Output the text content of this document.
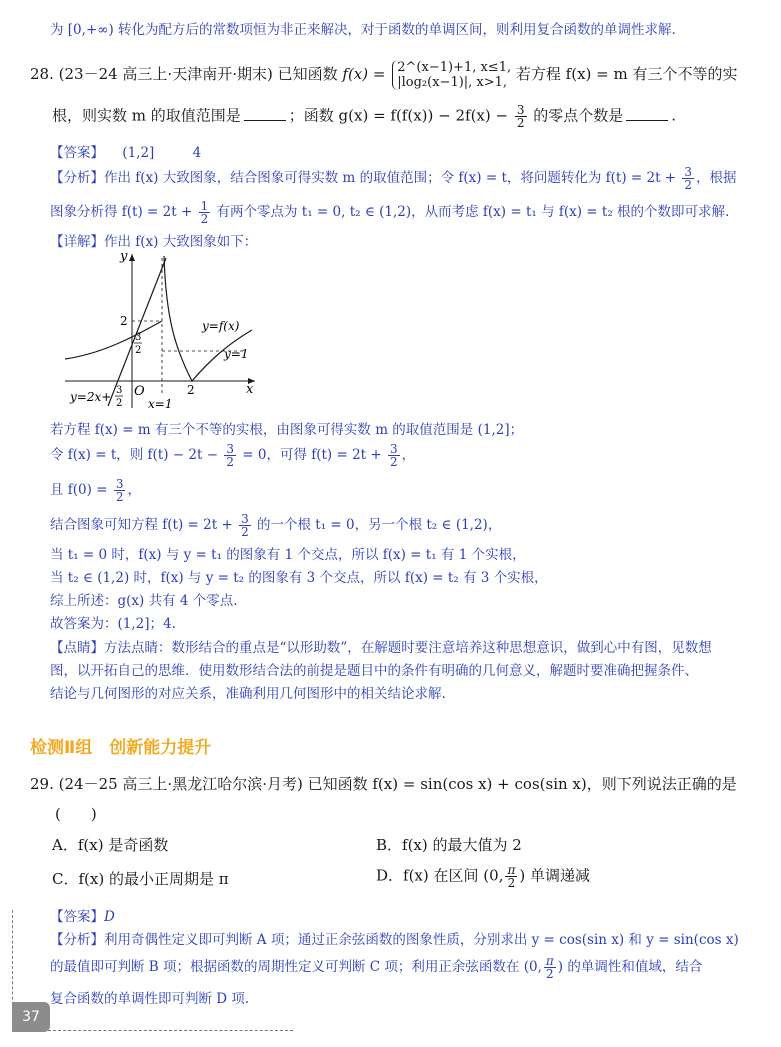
为 [0,+∞) 转化为配方后的常数项恒为非正来解决，对于函数的单调区间，则利用复合函数的单调性求解.
28. (23－24 高三上·天津南开·期末) 已知函数 f(x) = 2^(x−1)+1, x≤1,
|log₂(x−1)|, x>1, 若方程 f(x) = m 有三个不等的实
根，则实数 m 的取值范围是	；函数 $g(x) = f(f(x)) - 2f(x) - \frac{3}{2}$ 的零点个数是	.
【答案】 (1,2]	4
【分析】作出 f(x) 大致图象，结合图象可得实数 m 的取值范围；令 f(x) = t，将问题转化为 $f(t) = 2t + \frac{3}{2}$ ，根据
图象分析得 $f(t) = 2t + \frac{1}{2}$ 有两个零点为 t₁ = 0, t₂ ∈ (1,2)，从而考虑 f(x) = t₁ 与 f(x) = t₂ 根的个数即可求解.
【详解】作出 f(x) 大致图象如下：
y
x
O
2
3
2
y=f(x)
y=1
2
y=2x+ 3
2 x=1
若方程 f(x) = m 有三个不等的实根，由图象可得实数 m 的取值范围是 (1,2]；
令 f(x) = t，则 $f(t) - 2t - \frac{3}{2} = 0$，可得 $f(t) = 2t + \frac{3}{2}$ ，
且 $f(0) = \frac{3}{2}$ ，
结合图象可知方程 $f(t) = 2t + \frac{3}{2}$ 的一个根 t₁ = 0，另一个根 t₂ ∈ (1,2)，
当 t₁ = 0 时，f(x) 与 y = t₁ 的图象有 1 个交点，所以 f(x) = t₁ 有 1 个实根，
当 t₂ ∈ (1,2) 时，f(x) 与 y = t₂ 的图象有 3 个交点，所以 f(x) = t₂ 有 3 个实根，
综上所述：g(x) 共有 4 个零点.
故答案为：(1,2]；4.
【点睛】方法点睛：数形结合的重点是“以形助数”，在解题时要注意培养这种思想意识，做到心中有图，见数想
图，以开拓自己的思维．使用数形结合法的前提是题目中的条件有明确的几何意义，解题时要准确把握条件、
结论与几何图形的对应关系，准确利用几何图形中的相关结论求解.
检测Ⅱ组　创新能力提升
29. (24－25 高三上·黑龙江哈尔滨·月考) 已知函数 f(x) = sin(cos x) + cos(sin x)，则下列说法正确的是
(　　)
A．f(x) 是奇函数	B．f(x) 的最大值为 2
C．f(x) 的最小正周期是 π	D．f(x) 在区间 (0, $\frac{\pi}{2}$ ) 单调递减
【答案】D
【分析】利用奇偶性定义即可判断 A 项；通过正余弦函数的图象性质，分别求出 y = cos(sin x) 和 y = sin(cos x)
的最值即可判断 B 项；根据函数的周期性定义可判断 C 项；利用正余弦函数在 (0, $\frac{\pi}{2}$ ) 的单调性和值域，结合
复合函数的单调性即可判断 D 项.
37
